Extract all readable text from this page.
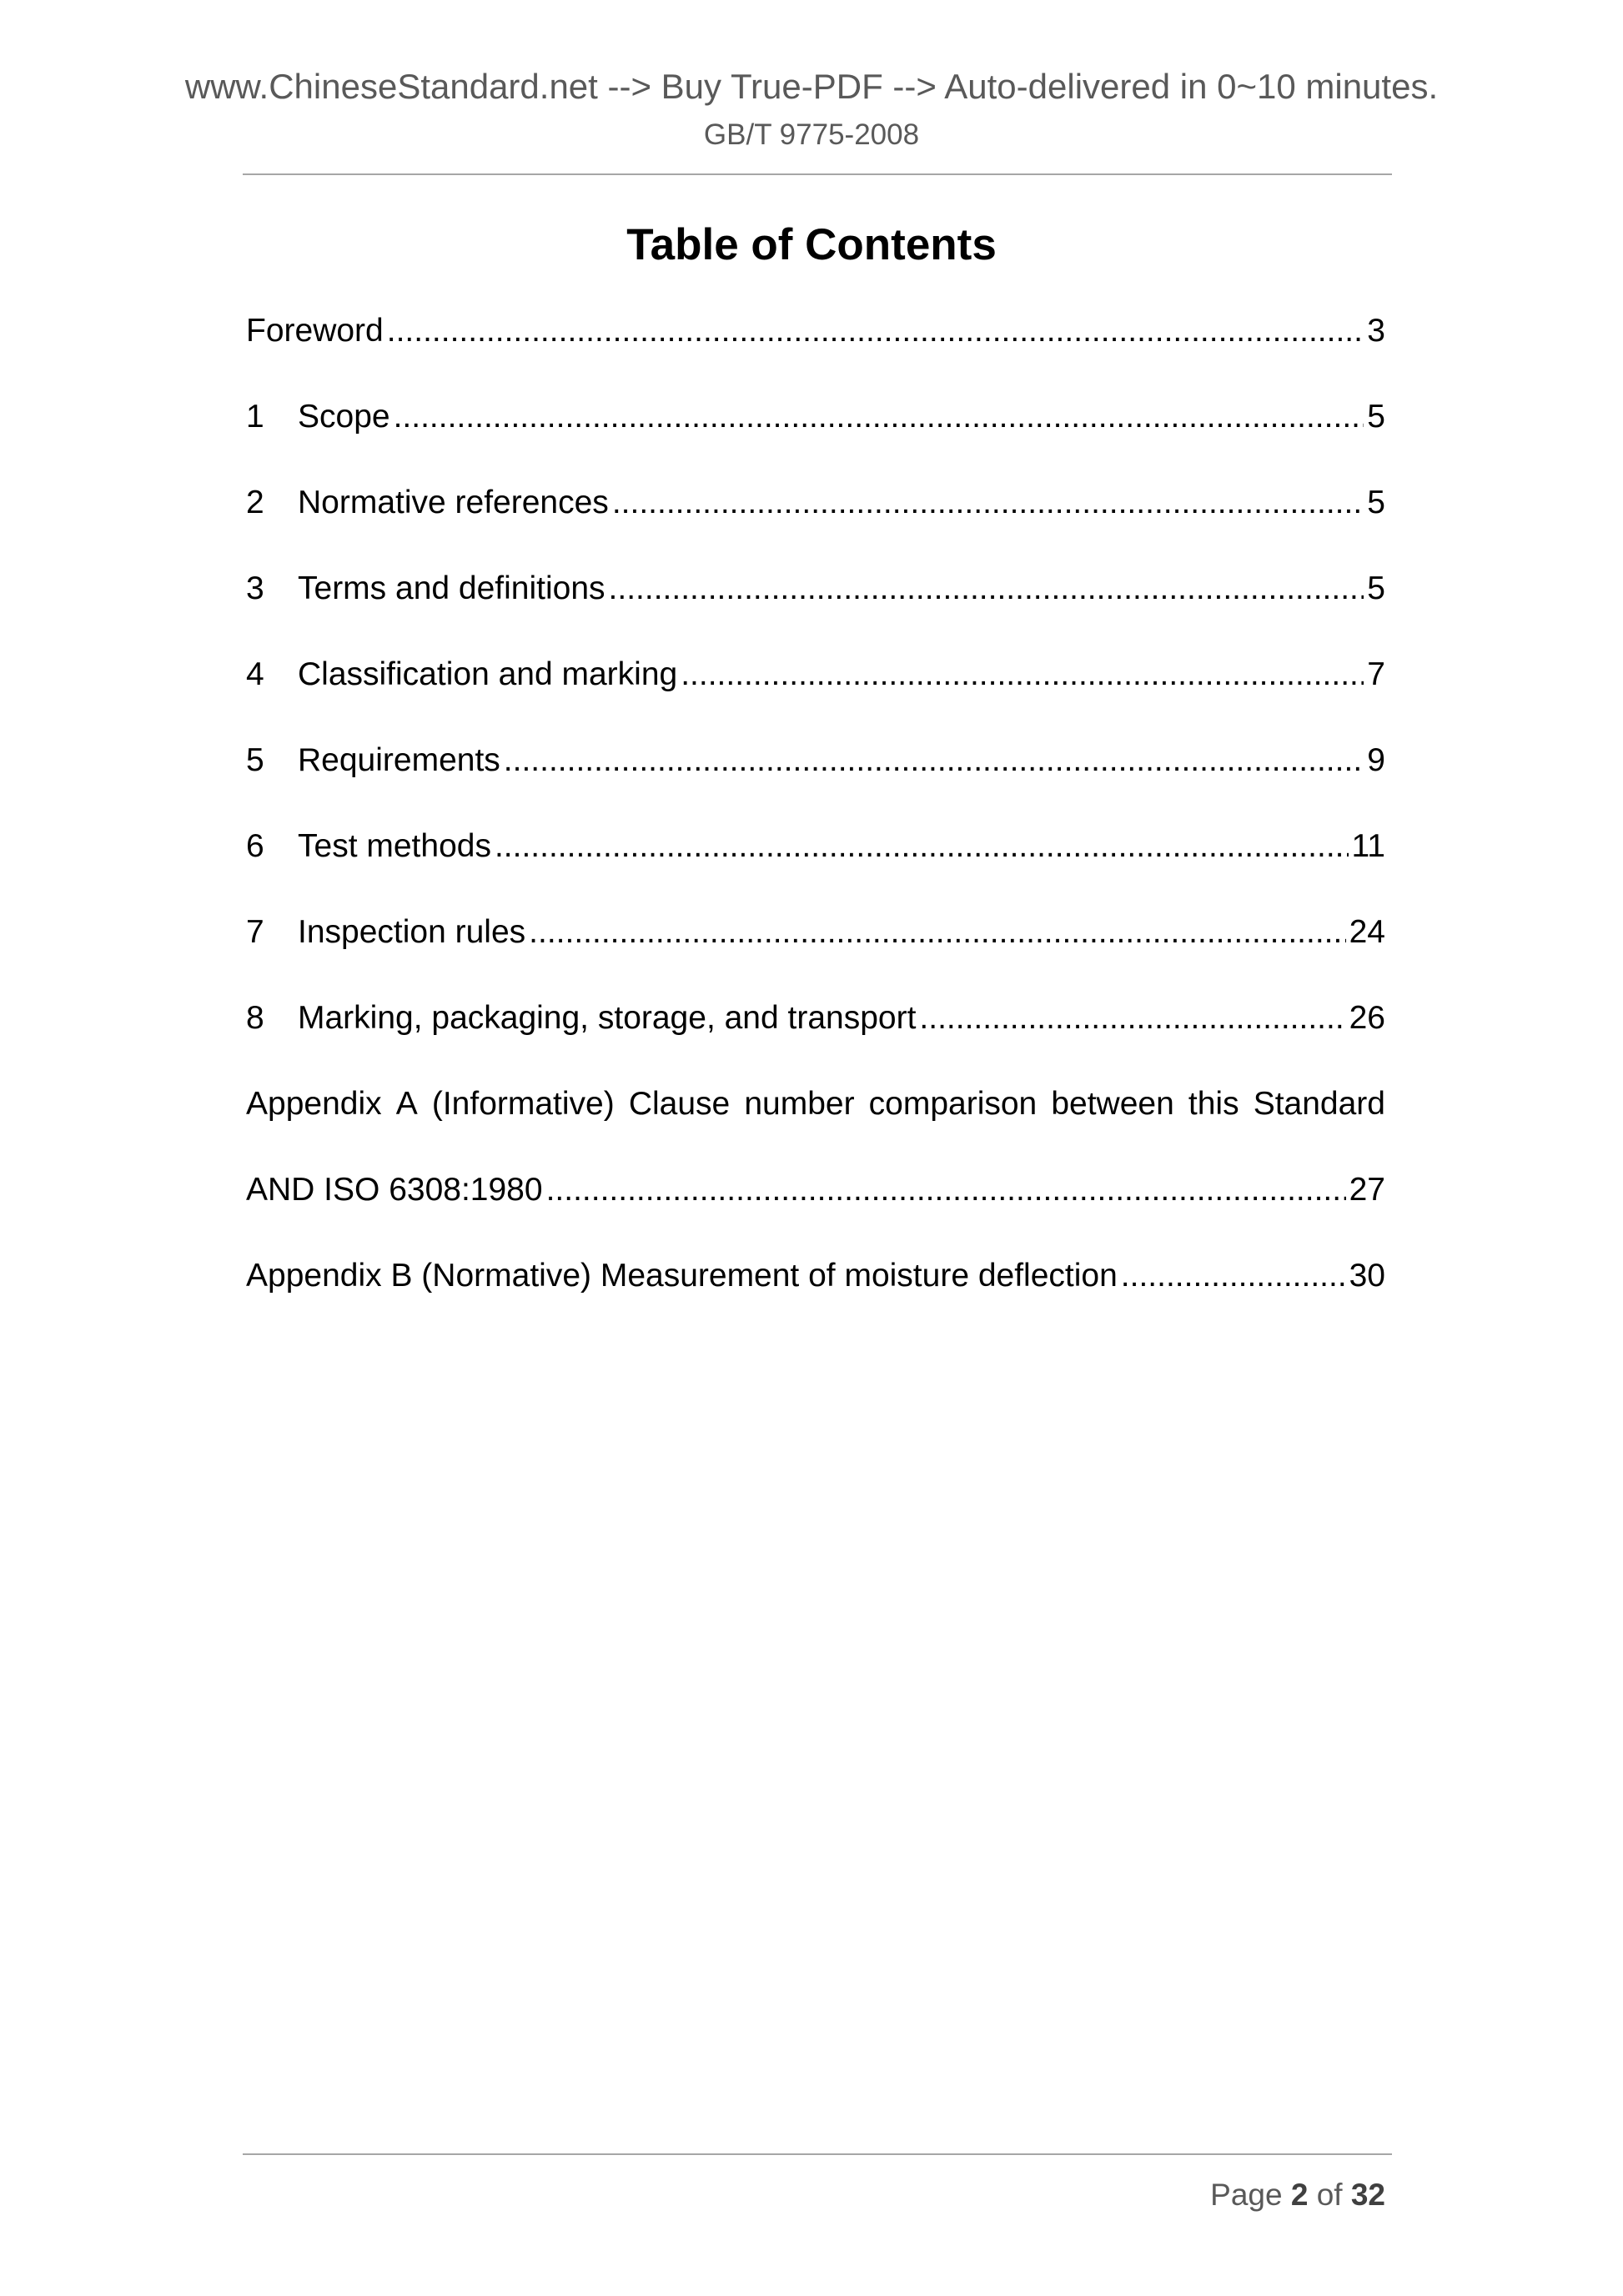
www.ChineseStandard.net --> Buy True-PDF --> Auto-delivered in 0~10 minutes.
GB/T 9775-2008
Table of Contents
Foreword .....	3
1	Scope .....	5
2	Normative references .....	5
3	Terms and definitions .....	5
4	Classification and marking .....	7
5	Requirements .....	9
6	Test methods .....	11
7	Inspection rules .....	24
8	Marking, packaging, storage, and transport .....	26
Appendix A (Informative) Clause number comparison between this Standard
AND ISO 6308:1980 .....	27
Appendix B (Normative) Measurement of moisture deflection .....	30
Page 2 of 32
